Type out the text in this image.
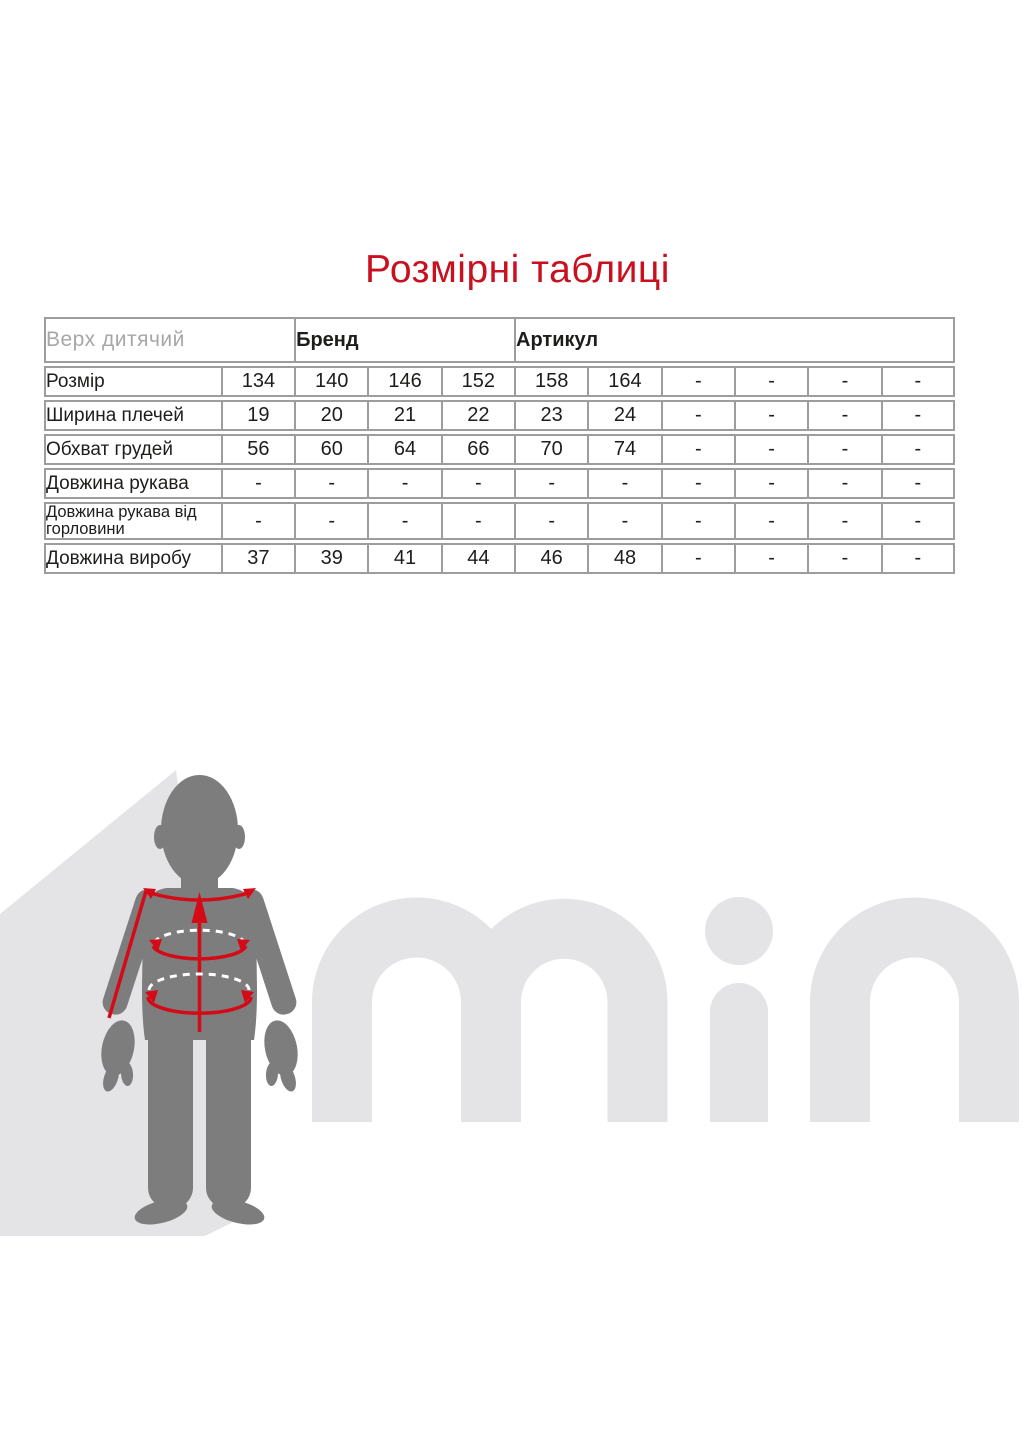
Розмірні таблиці
Верх дитячий		Бренд			Артикул					
Розмір	134	140	146	152	158	164	-	-	-	-
Ширина плечей	19	20	21	22	23	24	-	-	-	-
Обхват грудей	56	60	64	66	70	74	-	-	-	-
Довжина рукава	-	-	-	-	-	-	-	-	-	-
Довжина рукава від горловини	-	-	-	-	-	-	-	-	-	-
Довжина виробу	37	39	41	44	46	48	-	-	-	-
